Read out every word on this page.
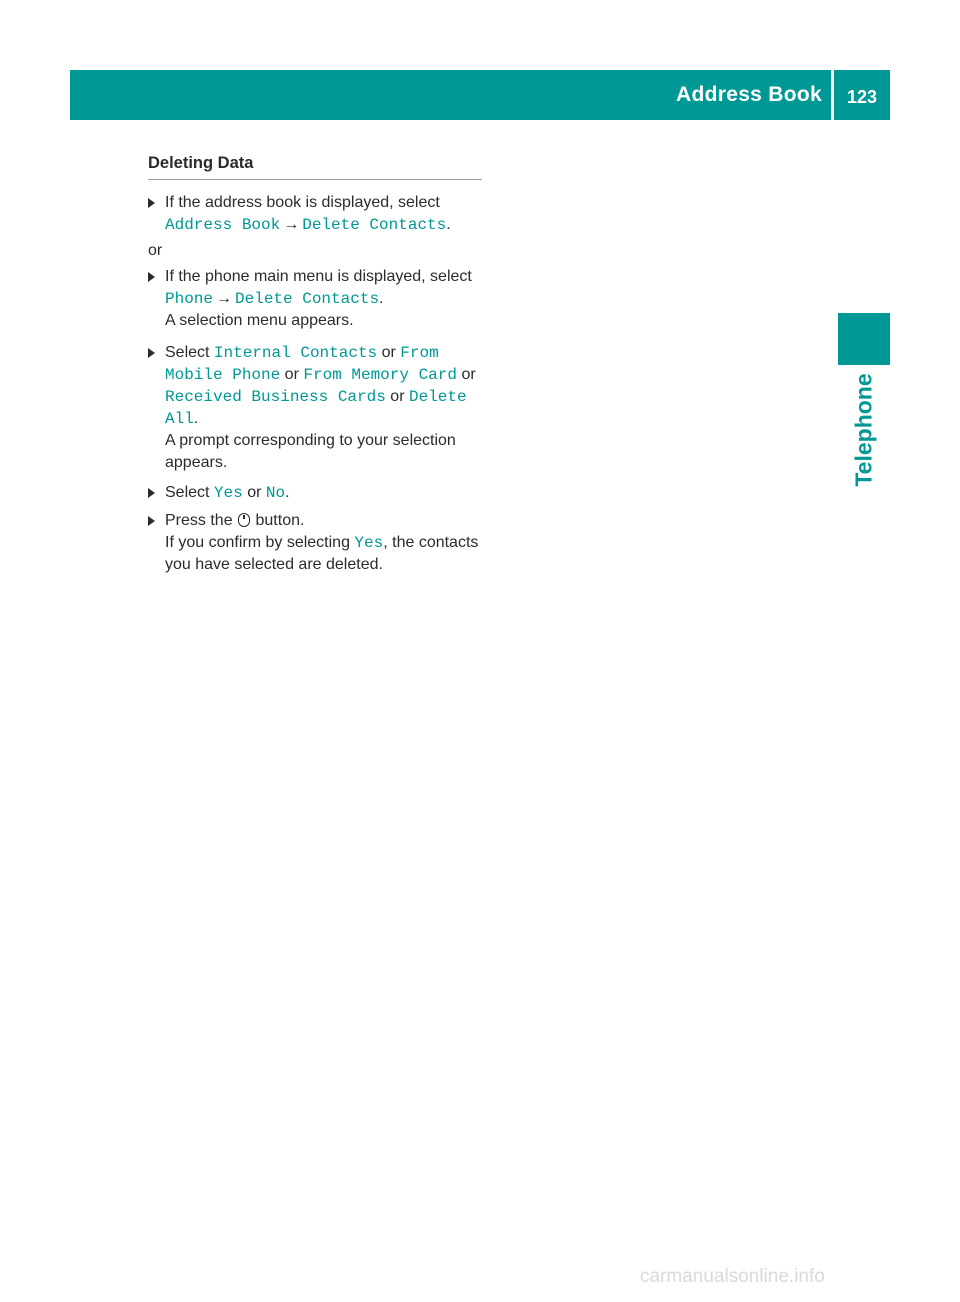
Address Book	123
Telephone
Deleting Data
If the address book is displayed, select
Address Book → Delete Contacts.
or
If the phone main menu is displayed, select
Phone → Delete Contacts.
A selection menu appears.
Select Internal Contacts or From
Mobile Phone or From Memory Card or
Received Business Cards or Delete
All.
A prompt corresponding to your selection appears.
Select Yes or No.
Press the button.
If you confirm by selecting Yes, the contacts you have selected are deleted.
carmanualsonline.info
